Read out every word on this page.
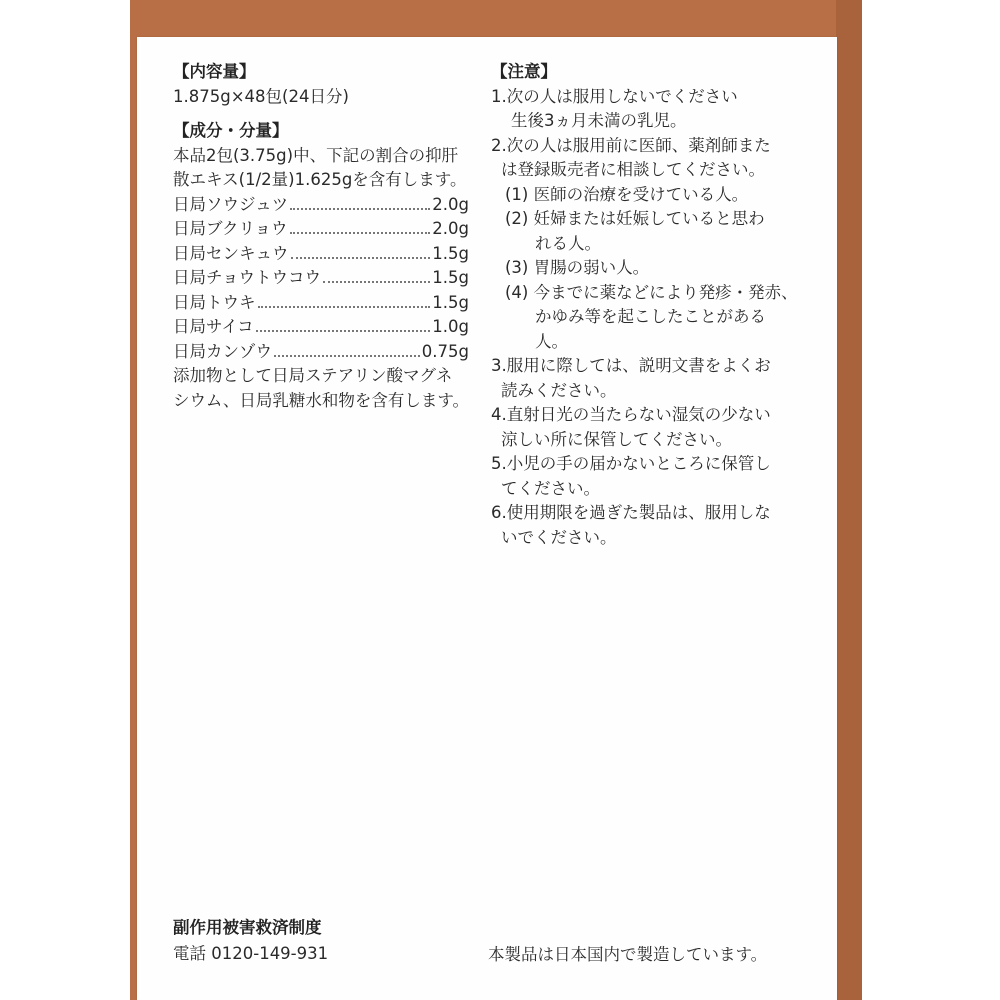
【内容量】
1.875g×48包(24日分)
【成分・分量】
本品2包(3.75g)中、下記の割合の抑肝
散エキス(1/2量)1.625gを含有します。
日局ソウジュツ	2.0g
日局ブクリョウ	2.0g
日局センキュウ	1.5g
日局チョウトウコウ	1.5g
日局トウキ	1.5g
日局サイコ	1.0g
日局カンゾウ	0.75g
添加物として日局ステアリン酸マグネ
シウム、日局乳糖水和物を含有します。
【注意】
1.次の人は服用しないでください
生後3ヵ月未満の乳児。
2.次の人は服用前に医師、薬剤師また
は登録販売者に相談してください。
(1) 医師の治療を受けている人。
(2) 妊婦または妊娠していると思わ
れる人。
(3) 胃腸の弱い人。
(4) 今までに薬などにより発疹・発赤、
かゆみ等を起こしたことがある
人。
3.服用に際しては、説明文書をよくお
読みください。
4.直射日光の当たらない湿気の少ない
涼しい所に保管してください。
5.小児の手の届かないところに保管し
てください。
6.使用期限を過ぎた製品は、服用しな
いでください。
副作用被害救済制度
電話 0120-149-931	本製品は日本国内で製造しています。
